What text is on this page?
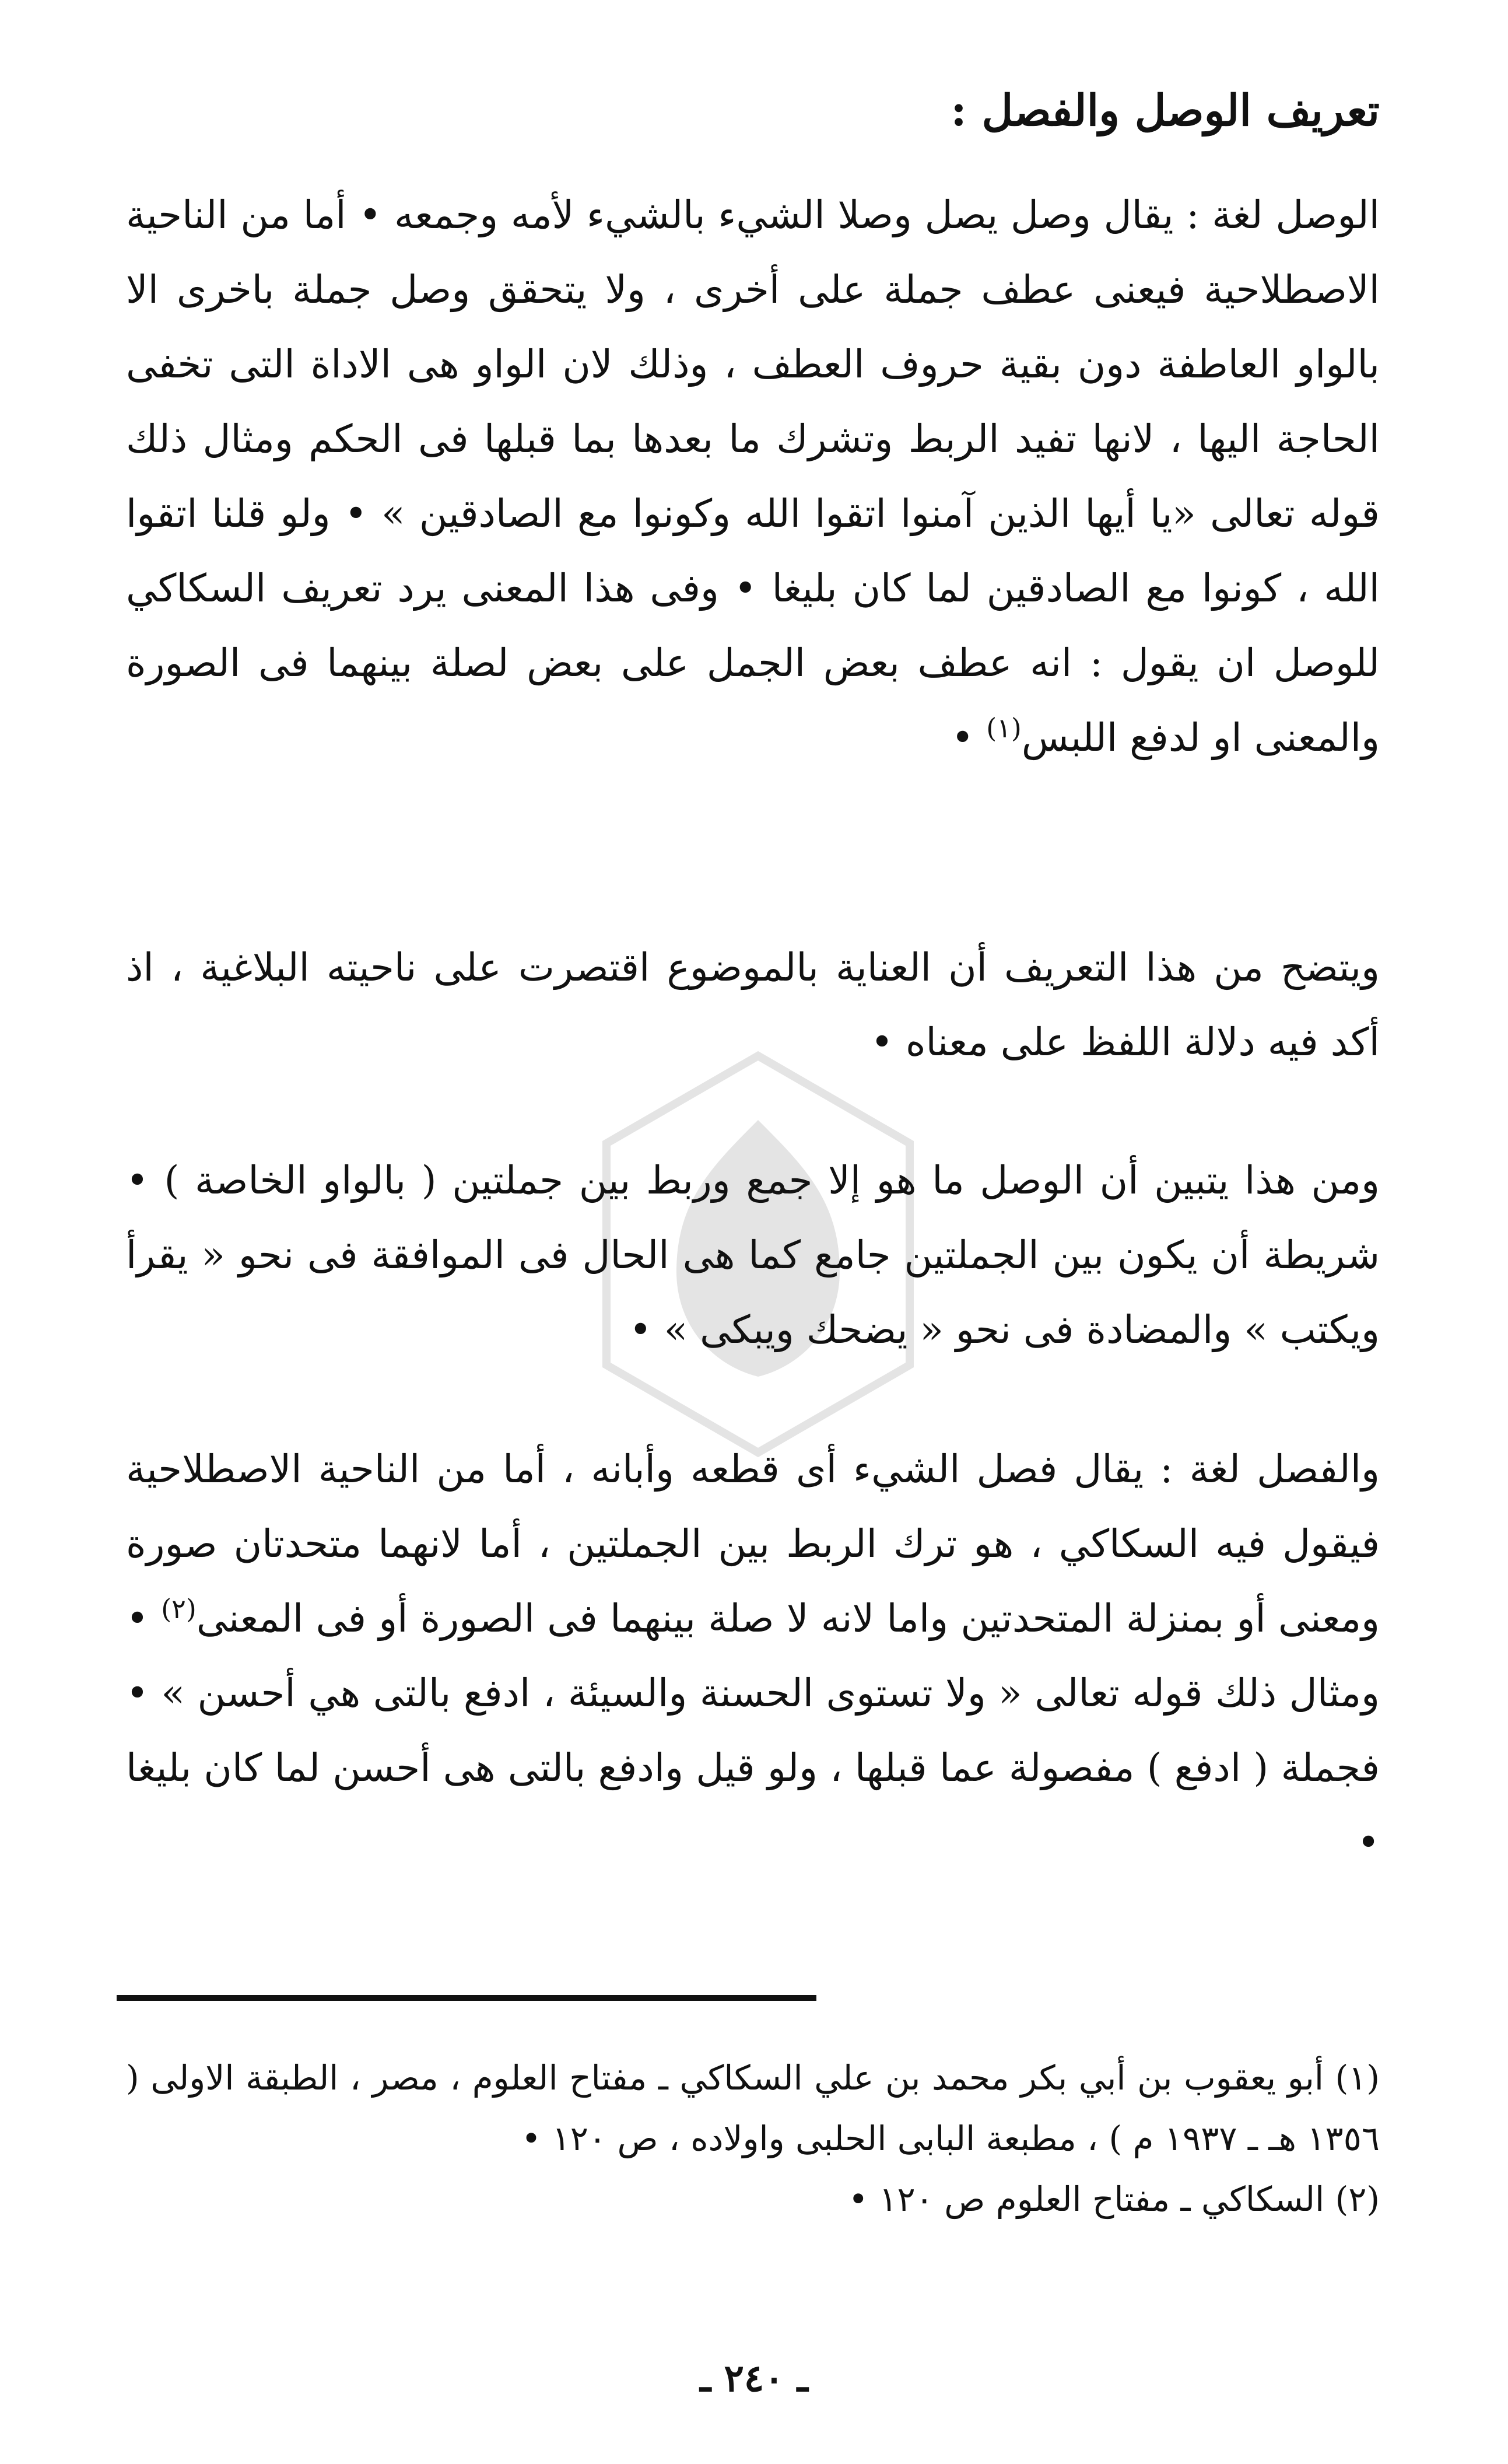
تعريف الوصل والفصل :

الوصل لغة : يقال وصل يصل وصلا الشيء بالشيء لأمه وجمعه • أما من الناحية الاصطلاحية فيعنى عطف جملة على أخرى ، ولا يتحقق وصل جملة باخرى الا بالواو العاطفة دون بقية حروف العطف ، وذلك لان الواو هى الاداة التى تخفى الحاجة اليها ، لانها تفيد الربط وتشرك ما بعدها بما قبلها فى الحكم ومثال ذلك قوله تعالى «يا أيها الذين آمنوا اتقوا الله وكونوا مع الصادقين » • ولو قلنا اتقوا الله ، كونوا مع الصادقين لما كان بليغا • وفى هذا المعنى يرد تعريف السكاكي للوصل ان يقول : انه عطف بعض الجمل على بعض لصلة بينهما فى الصورة والمعنى او لدفع اللبس$^{(١)}$ •

ويتضح من هذا التعريف أن العناية بالموضوع اقتصرت على ناحيته البلاغية ، اذ أكد فيه دلالة اللفظ على معناه •

ومن هذا يتبين أن الوصل ما هو إلا جمع وربط بين جملتين ( بالواو الخاصة ) • شريطة أن يكون بين الجملتين جامع كما هى الحال فى الموافقة فى نحو « يقرأ ويكتب » والمضادة فى نحو « يضحك ويبكى » •

والفصل لغة : يقال فصل الشيء أى قطعه وأبانه ، أما من الناحية الاصطلاحية فيقول فيه السكاكي ، هو ترك الربط بين الجملتين ، أما لانهما متحدتان صورة ومعنى أو بمنزلة المتحدتين واما لانه لا صلة بينهما فى الصورة أو فى المعنى$^{(٢)}$ • ومثال ذلك قوله تعالى « ولا تستوى الحسنة والسيئة ، ادفع بالتى هي أحسن » • فجملة ( ادفع ) مفصولة عما قبلها ، ولو قيل وادفع بالتى هى أحسن لما كان بليغا •

(١) أبو يعقوب بن أبي بكر محمد بن علي السكاكي ـ مفتاح العلوم ، مصر ، الطبقة الاولى ( ١٣٥٦ هـ ـ ١٩٣٧ م ) ، مطبعة البابى الحلبى واولاده ، ص ١٢٠ •

(٢) السكاكي ـ مفتاح العلوم ص ١٢٠ •

ـ ٢٤٠ ـ
